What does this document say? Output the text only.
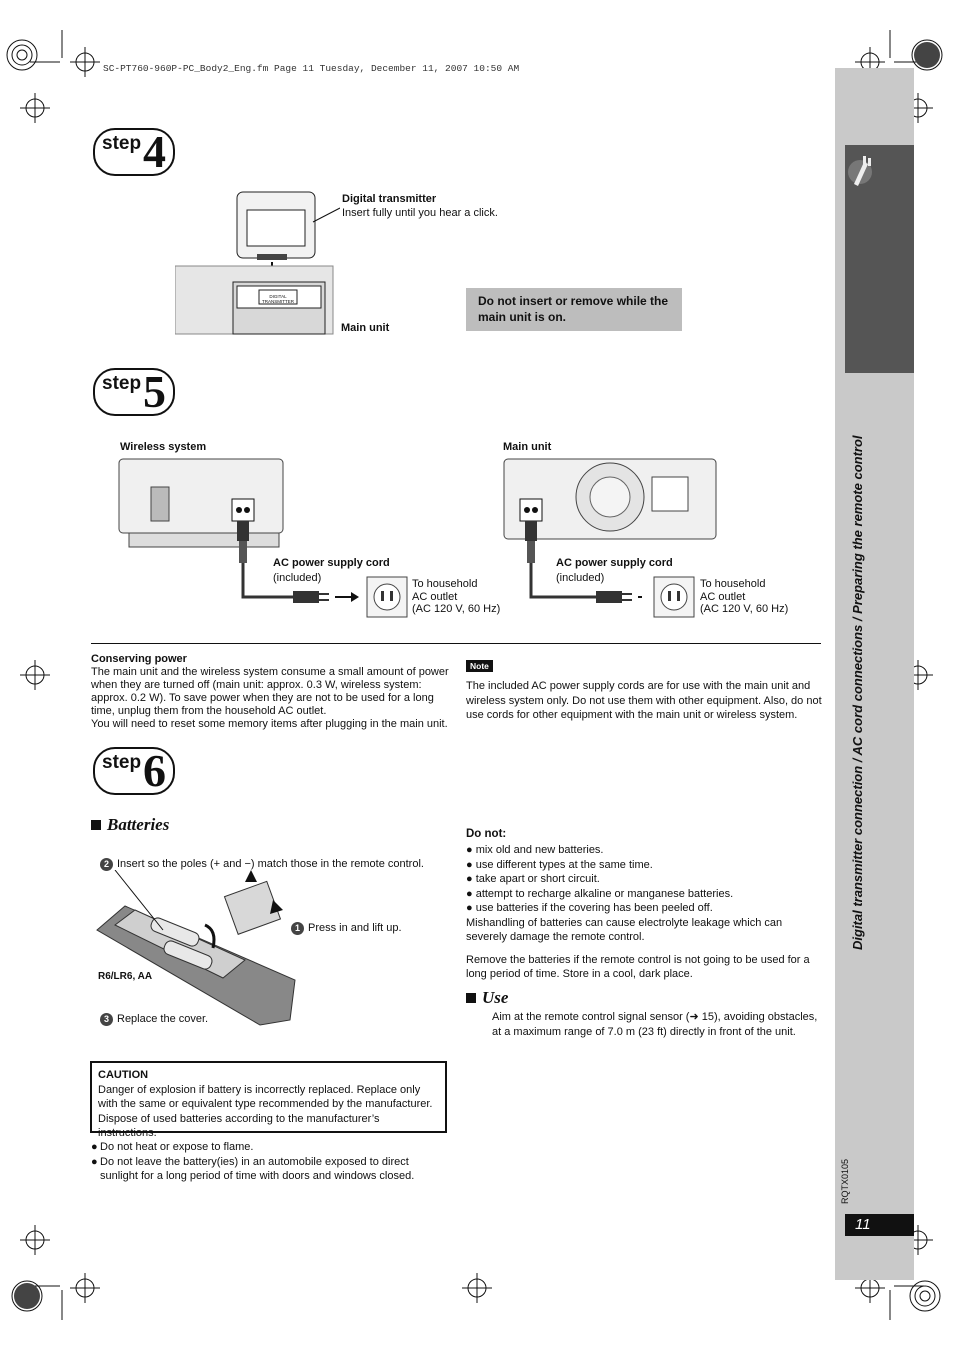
SC-PT760-960P-PC_Body2_Eng.fm Page 11 Tuesday, December 11, 2007 10:50 AM
Digital transmitter connection / AC cord connections / Preparing the remote control
RQTX0105
11
step 4
DIGITAL TRANSMITTER
Digital transmitter
Insert fully until you hear a click.
Main unit
Do not insert or remove while the main unit is on.
step 5
Wireless system	Main unit
AC power supply cord
(included)	To household
AC outlet
(AC 120 V, 60 Hz)
AC power supply cord
(included)	To household
AC outlet
(AC 120 V, 60 Hz)
Conserving power
The main unit and the wireless system consume a small amount of power when they are turned off (main unit: approx. 0.3 W, wireless system: approx. 0.2 W). To save power when they are not to be used for a long time, unplug them from the household AC outlet.
You will need to reset some memory items after plugging in the main unit.
Note
The included AC power supply cords are for use with the main unit and wireless system only. Do not use them with other equipment. Also, do not use cords for other equipment with the main unit or wireless system.
step 6
Batteries
2 Insert so the poles (+ and −) match those in the remote control.
1 Press in and lift up.
R6/LR6, AA
3 Replace the cover.
CAUTION
Danger of explosion if battery is incorrectly replaced. Replace only with the same or equivalent type recommended by the manufacturer. Dispose of used batteries according to the manufacturer’s instructions.
● Do not heat or expose to flame.
● Do not leave the battery(ies) in an automobile exposed to direct sunlight for a long period of time with doors and windows closed.
Do not:
● mix old and new batteries.
● use different types at the same time.
● take apart or short circuit.
● attempt to recharge alkaline or manganese batteries.
● use batteries if the covering has been peeled off.
Mishandling of batteries can cause electrolyte leakage which can severely damage the remote control.
Remove the batteries if the remote control is not going to be used for a long period of time. Store in a cool, dark place.
Use
Aim at the remote control signal sensor (➜ 15), avoiding obstacles, at a maximum range of 7.0 m (23 ft) directly in front of the unit.
